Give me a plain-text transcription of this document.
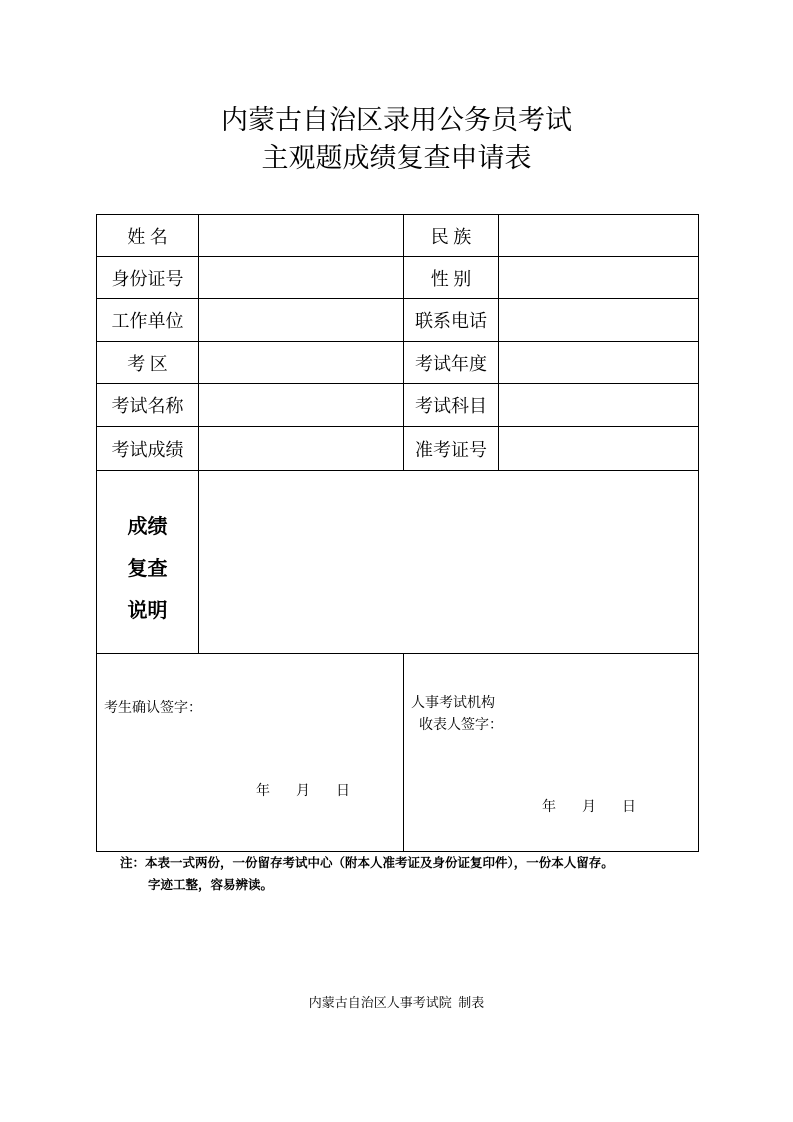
内蒙古自治区录用公务员考试
主观题成绩复查申请表
姓 名	民 族
身份证号	性 别
工作单位	联系电话
考 区	考试年度
考试名称	考试科目
考试成绩	准考证号
成绩
复查
说明
考生确认签字：
年 月 日
人事考试机构
收表人签字：
年 月 日
注：本表一式两份，一份留存考试中心（附本人准考证及身份证复印件），一份本人留存。
字迹工整，容易辨读。
内蒙古自治区人事考试院  制表
